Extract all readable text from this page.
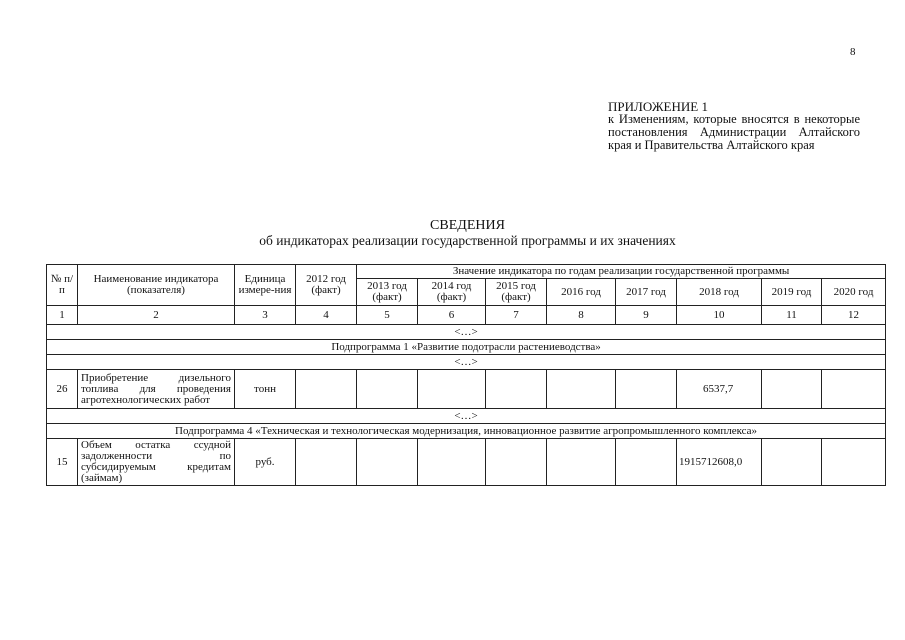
8
ПРИЛОЖЕНИЕ 1
к Изменениям, которые вносятся в некоторые постановления Администрации Алтайского края и Правительства Алтайского края
СВЕДЕНИЯ
об индикаторах реализации государственной программы и их значениях
№ п/п	Наименование индикатора (показателя)	Единица измере-ния	2012 год (факт)	Значение индикатора по годам реализации государственной программы							
				2013 год (факт)	2014 год (факт)	2015 год (факт)	2016 год	2017 год	2018 год	2019 год	2020 год
1	2	3	4	5	6	7	8	9	10	11	12
<…>											
Подпрограмма 1 «Развитие подотрасли растениеводства»											
<…>											
26	Приобретение дизельного топлива для проведения агротехнологических работ	тонн							6537,7		
<…>											
Подпрограмма 4 «Техническая и технологическая модернизация, инновационное развитие агропромышленного комплекса»											
15	Объем остатка ссудной задолженности по субсидируемым кредитам (займам)	руб.							1915712608,0		
